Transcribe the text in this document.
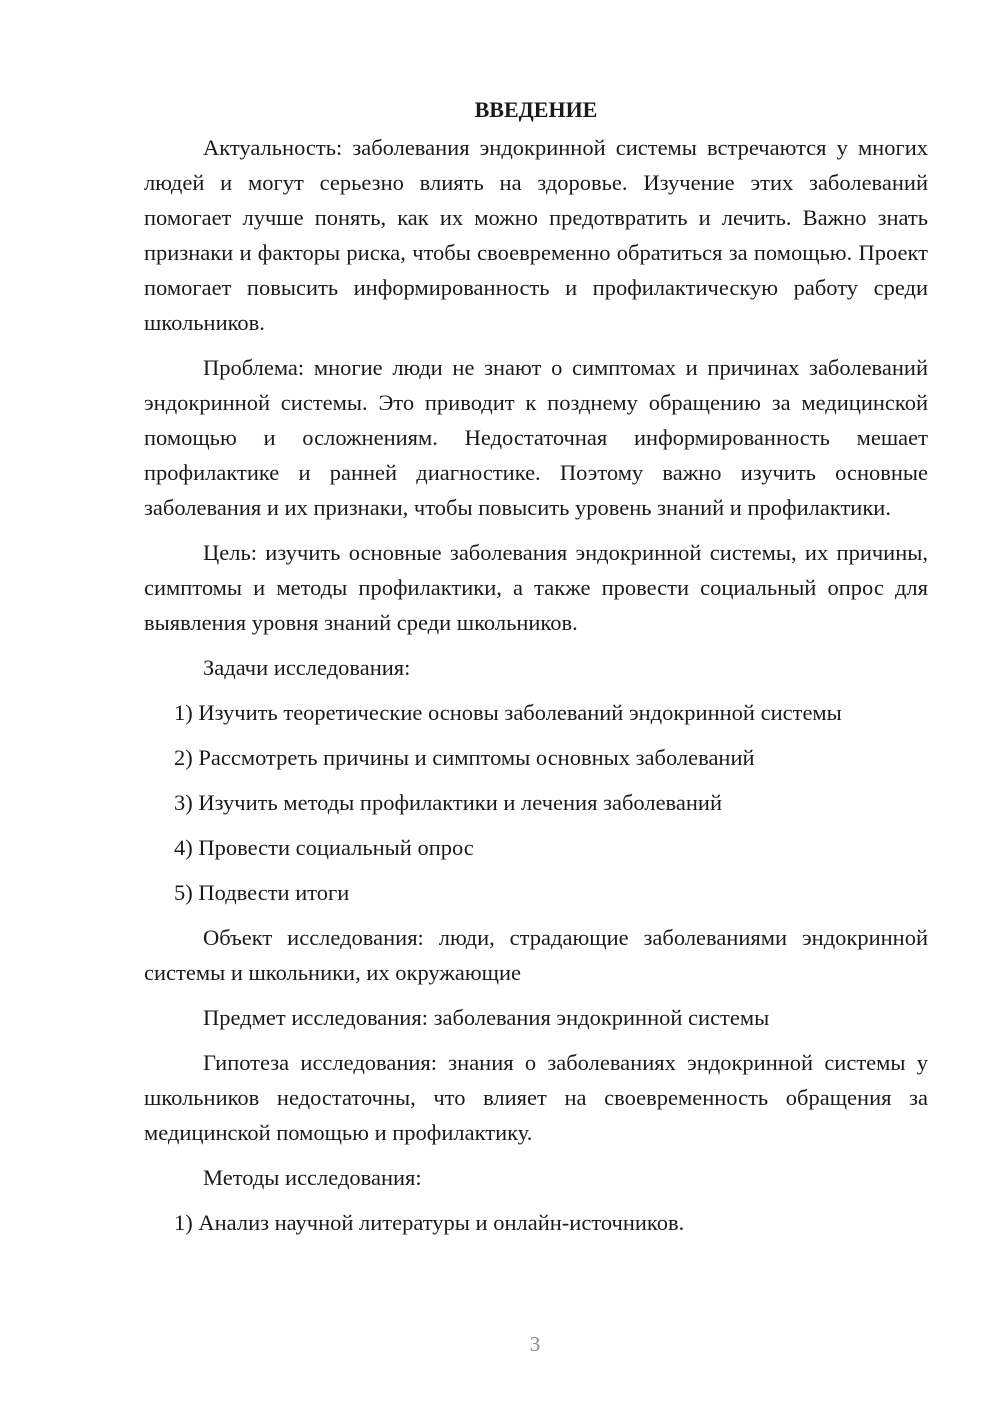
ВВЕДЕНИЕ

Актуальность: заболевания эндокринной системы встречаются у многих людей и могут серьезно влиять на здоровье. Изучение этих заболеваний помогает лучше понять, как их можно предотвратить и лечить. Важно знать признаки и факторы риска, чтобы своевременно обратиться за помощью. Проект помогает повысить информированность и профилактическую работу среди школьников.

Проблема: многие люди не знают о симптомах и причинах заболеваний эндокринной системы. Это приводит к позднему обращению за медицинской помощью и осложнениям. Недостаточная информированность мешает профилактике и ранней диагностике. Поэтому важно изучить основные заболевания и их признаки, чтобы повысить уровень знаний и профилактики.

Цель: изучить основные заболевания эндокринной системы, их причины, симптомы и методы профилактики, а также провести социальный опрос для выявления уровня знаний среди школьников.

Задачи исследования:

1) Изучить теоретические основы заболеваний эндокринной системы

2) Рассмотреть причины и симптомы основных заболеваний

3) Изучить методы профилактики и лечения заболеваний

4) Провести социальный опрос

5) Подвести итоги

Объект исследования: люди, страдающие заболеваниями эндокринной системы и школьники, их окружающие

Предмет исследования: заболевания эндокринной системы

Гипотеза исследования: знания о заболеваниях эндокринной системы у школьников недостаточны, что влияет на своевременность обращения за медицинской помощью и профилактику.

Методы исследования:

1) Анализ научной литературы и онлайн-источников.

3
